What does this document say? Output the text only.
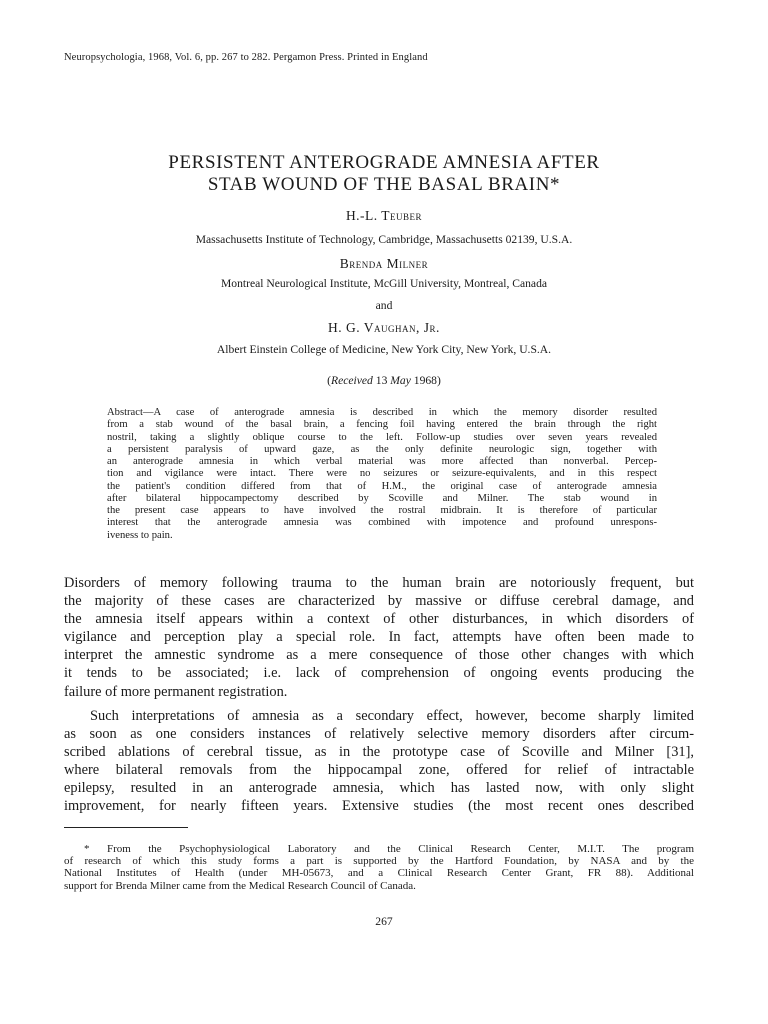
Neuropsychologia, 1968, Vol. 6, pp. 267 to 282. Pergamon Press. Printed in England
PERSISTENT ANTEROGRADE AMNESIA AFTER
STAB WOUND OF THE BASAL BRAIN*
H.-L. Teuber
Massachusetts Institute of Technology, Cambridge, Massachusetts 02139, U.S.A.
Brenda Milner
Montreal Neurological Institute, McGill University, Montreal, Canada
and
H. G. Vaughan, Jr.
Albert Einstein College of Medicine, New York City, New York, U.S.A.
(Received 13 May 1968)
Abstract—A case of anterograde amnesia is described in which the memory disorder resulted
from a stab wound of the basal brain, a fencing foil having entered the brain through the right
nostril, taking a slightly oblique course to the left. Follow-up studies over seven years revealed
a persistent paralysis of upward gaze, as the only definite neurologic sign, together with
an anterograde amnesia in which verbal material was more affected than nonverbal. Percep-
tion and vigilance were intact. There were no seizures or seizure-equivalents, and in this respect
the patient's condition differed from that of H.M., the original case of anterograde amnesia
after bilateral hippocampectomy described by Scoville and Milner. The stab wound in
the present case appears to have involved the rostral midbrain. It is therefore of particular
interest that the anterograde amnesia was combined with impotence and profound unrespons-
iveness to pain.
Disorders of memory following trauma to the human brain are notoriously frequent, but
the majority of these cases are characterized by massive or diffuse cerebral damage, and
the amnesia itself appears within a context of other disturbances, in which disorders of
vigilance and perception play a special role. In fact, attempts have often been made to
interpret the amnestic syndrome as a mere consequence of those other changes with which
it tends to be associated; i.e. lack of comprehension of ongoing events producing the
failure of more permanent registration.
Such interpretations of amnesia as a secondary effect, however, become sharply limited
as soon as one considers instances of relatively selective memory disorders after circum-
scribed ablations of cerebral tissue, as in the prototype case of Scoville and Milner [31],
where bilateral removals from the hippocampal zone, offered for relief of intractable
epilepsy, resulted in an anterograde amnesia, which has lasted now, with only slight
improvement, for nearly fifteen years. Extensive studies (the most recent ones described
* From the Psychophysiological Laboratory and the Clinical Research Center, M.I.T. The program
of research of which this study forms a part is supported by the Hartford Foundation, by NASA and by the
National Institutes of Health (under MH-05673, and a Clinical Research Center Grant, FR 88). Additional
support for Brenda Milner came from the Medical Research Council of Canada.
267
